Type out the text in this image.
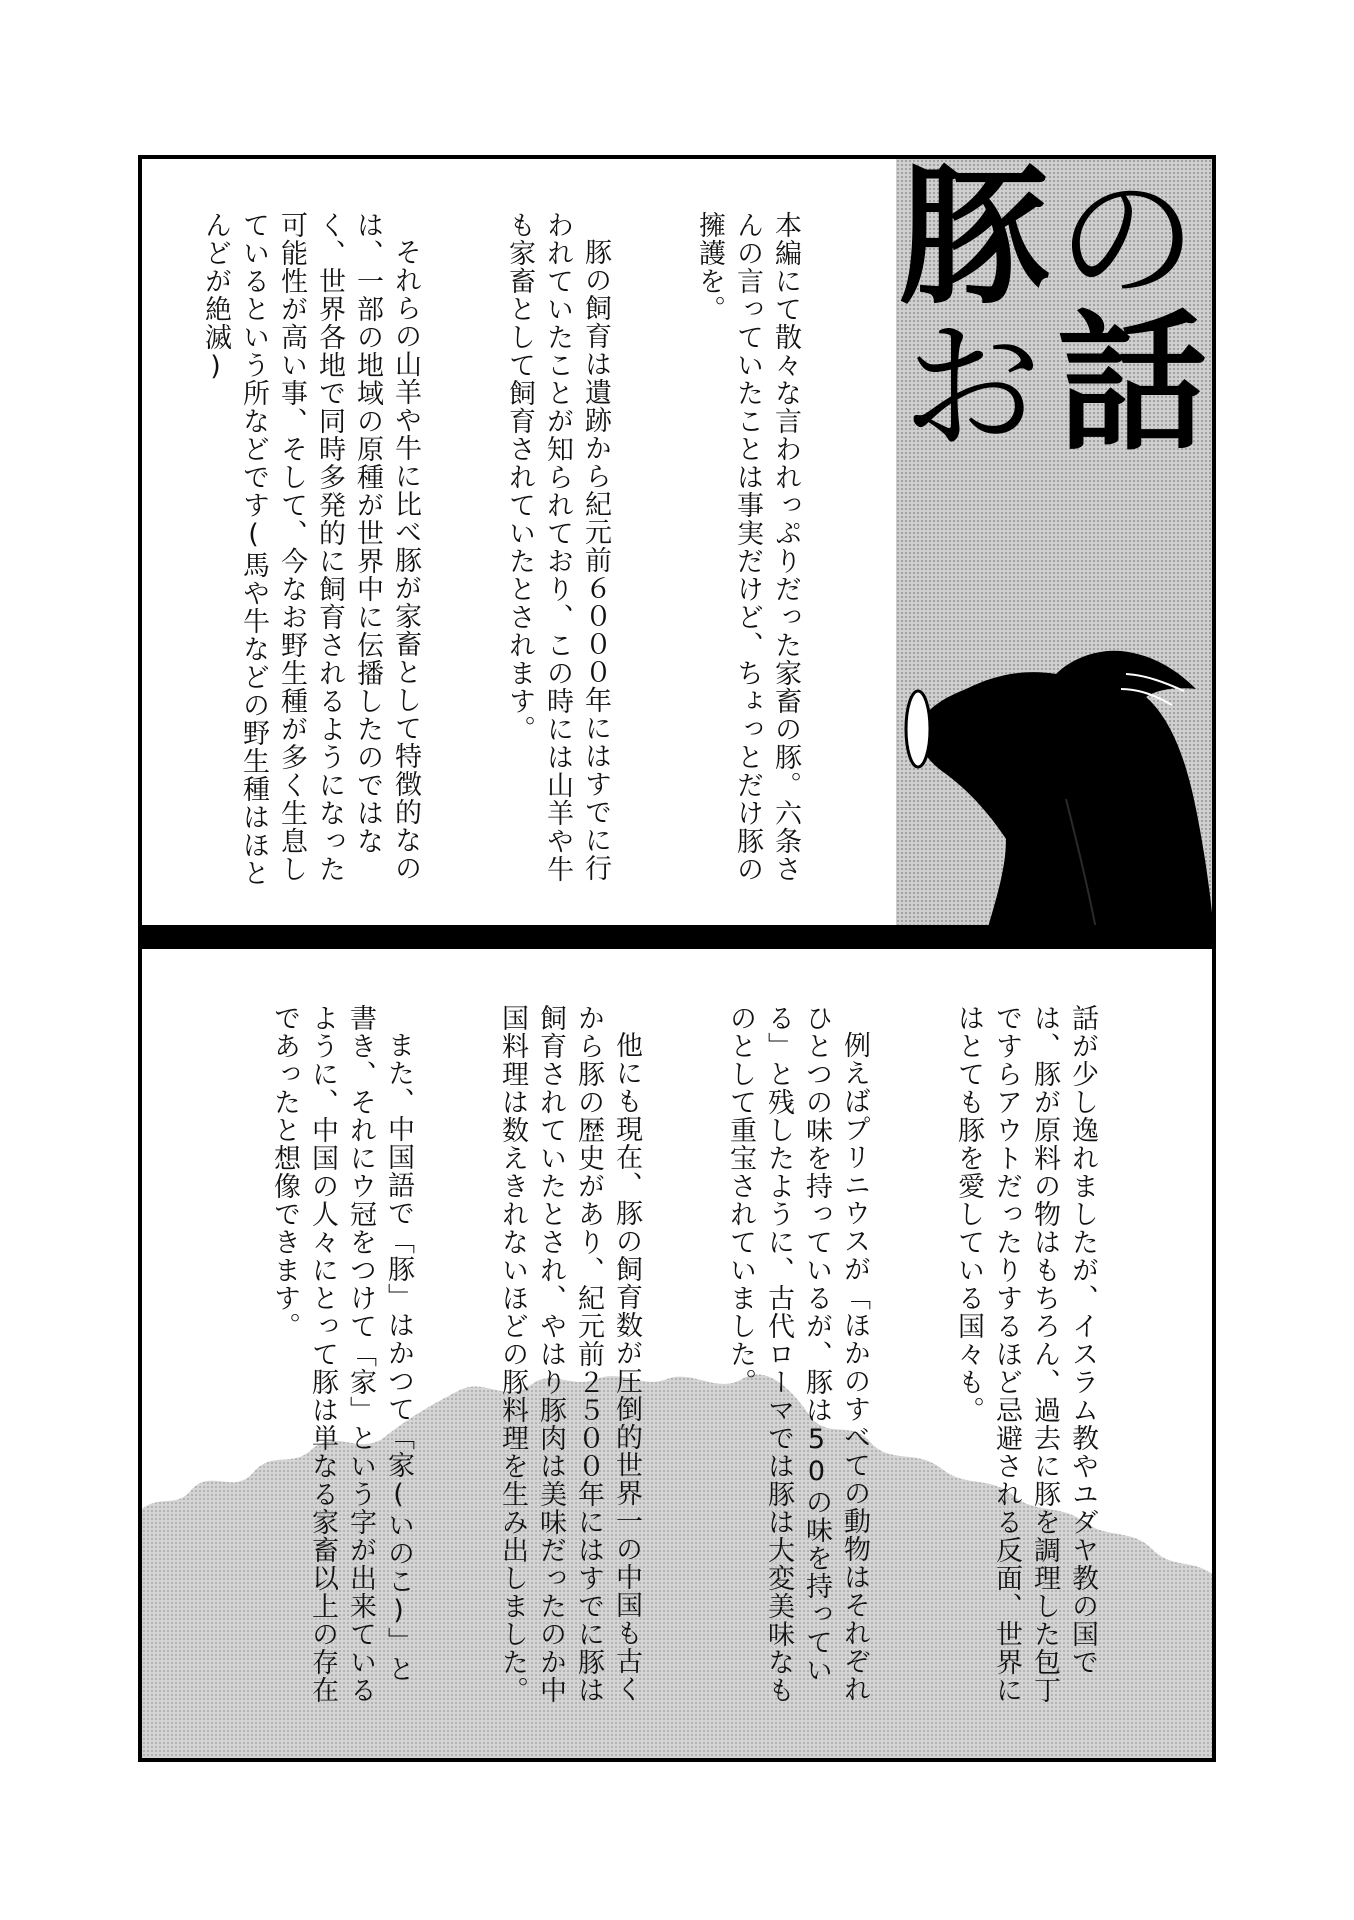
豚 の
お 話

本編にて散々な言われっぷりだった家畜の豚。六条さんの言っていたことは事実だけど、ちょっとだけ豚の擁護を。

豚の飼育は遺跡から紀元前６０００年にはすでに行われていたことが知られており、この時には山羊や牛も家畜として飼育されていたとされます。

それらの山羊や牛に比べ豚が家畜として特徴的なのは、一部の地域の原種が世界中に伝播したのではなく、世界各地で同時多発的に飼育されるようになった可能性が高い事、そして、今なお野生種が多く生息しているという所などです(馬や牛などの野生種はほとんどが絶滅)

話が少し逸れましたが、イスラム教やユダヤ教の国では、豚が原料の物はもちろん、過去に豚を調理した包丁ですらアウトだったりするほど忌避される反面、世界にはとても豚を愛している国々も。

例えばプリニウスが「ほかのすべての動物はそれぞれひとつの味を持っているが、豚は50の味を持っている」と残したように、古代ローマでは豚は大変美味なものとして重宝されていました。

他にも現在、豚の飼育数が圧倒的世界一の中国も古くから豚の歴史があり、紀元前２５００年にはすでに豚は飼育されていたとされ、やはり豚肉は美味だったのか中国料理は数えきれないほどの豚料理を生み出しました。

また、中国語で「豚」はかつて「家(いのこ)」と書き、それにウ冠をつけて「家」という字が出来ているように、中国の人々にとって豚は単なる家畜以上の存在であったと想像できます。
